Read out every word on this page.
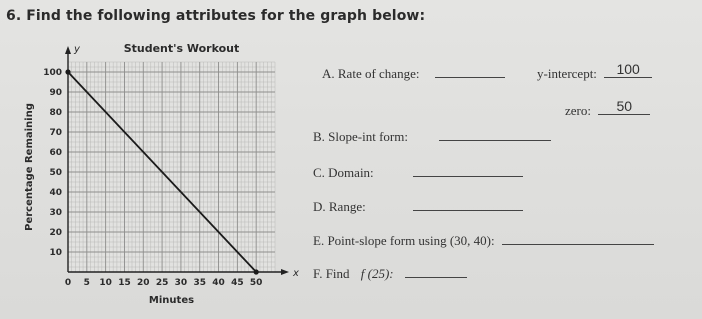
6. Find the following attributes for the graph below:
Student's Workout
y
x
10
20
30
40
50
60
70
80
90
100
0 5 10 15 20 25 30 35 40 45 50
Minutes
Percentage Remaining
A. Rate of change:	y-intercept:	100
zero:	50
B. Slope-int form:
C. Domain:
D. Range:
E. Point-slope form using (30, 40):
F. Find f (25):
